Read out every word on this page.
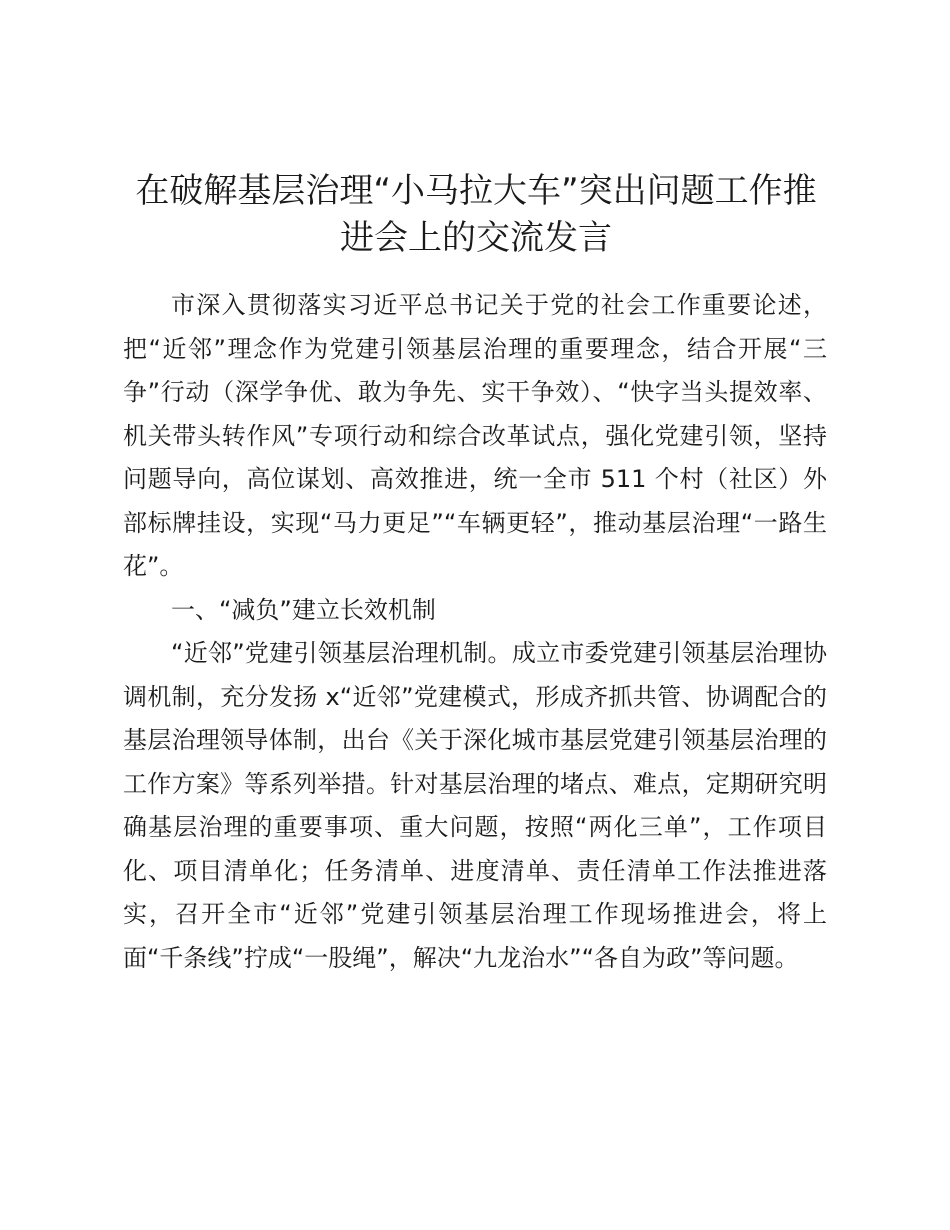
在破解基层治理“小马拉大车”突出问题工作推进会上的交流发言

市深入贯彻落实习近平总书记关于党的社会工作重要论述，把“近邻”理念作为党建引领基层治理的重要理念，结合开展“三争”行动（深学争优、敢为争先、实干争效）、“快字当头提效率、机关带头转作风”专项行动和综合改革试点，强化党建引领，坚持问题导向，高位谋划、高效推进，统一全市 511 个村（社区）外部标牌挂设，实现“马力更足”“车辆更轻”，推动基层治理“一路生花”。

一、“减负”建立长效机制

“近邻”党建引领基层治理机制。成立市委党建引领基层治理协调机制，充分发扬 x“近邻”党建模式，形成齐抓共管、协调配合的基层治理领导体制，出台《关于深化城市基层党建引领基层治理的工作方案》等系列举措。针对基层治理的堵点、难点，定期研究明确基层治理的重要事项、重大问题，按照“两化三单”，工作项目化、项目清单化；任务清单、进度清单、责任清单工作法推进落实，召开全市“近邻”党建引领基层治理工作现场推进会，将上面“千条线”拧成“一股绳”，解决“九龙治水”“各自为政”等问题。
